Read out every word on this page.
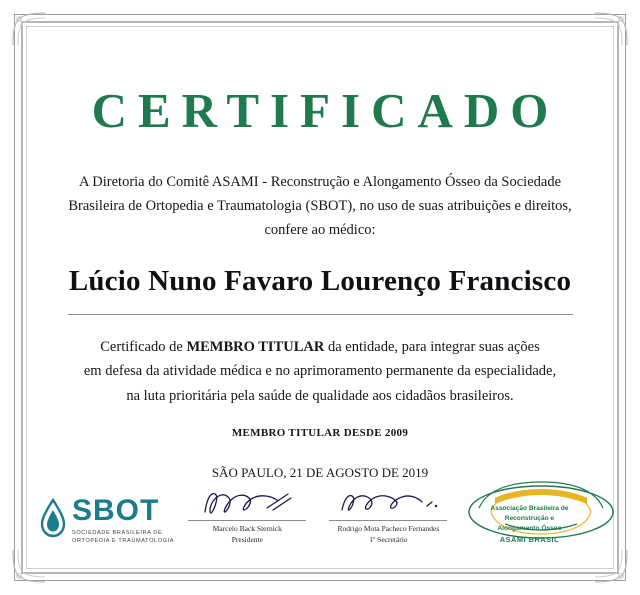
CERTIFICADO
A Diretoria do Comitê ASAMI - Reconstrução e Alongamento Ósseo da Sociedade
Brasileira de Ortopedia e Traumatologia (SBOT), no uso de suas atribuições e direitos,
confere ao médico:
Lúcio Nuno Favaro Lourenço Francisco
Certificado de MEMBRO TITULAR da entidade, para integrar suas ações
em defesa da atividade médica e no aprimoramento permanente da especialidade,
na luta prioritária pela saúde de qualidade aos cidadãos brasileiros.
MEMBRO TITULAR DESDE 2009
SÃO PAULO, 21 DE AGOSTO DE 2019
SBOT
SOCIEDADE BRASILEIRA DE
ORTOPEDIA E TRAUMATOLOGIA
Marcelo Back Sternick
Presidente
Rodrigo Mota Pacheco Fernandes
1º Secretário
Associação Brasileira de
Reconstrução e
Alongamento Ósseo
ASAMI BRASIL
